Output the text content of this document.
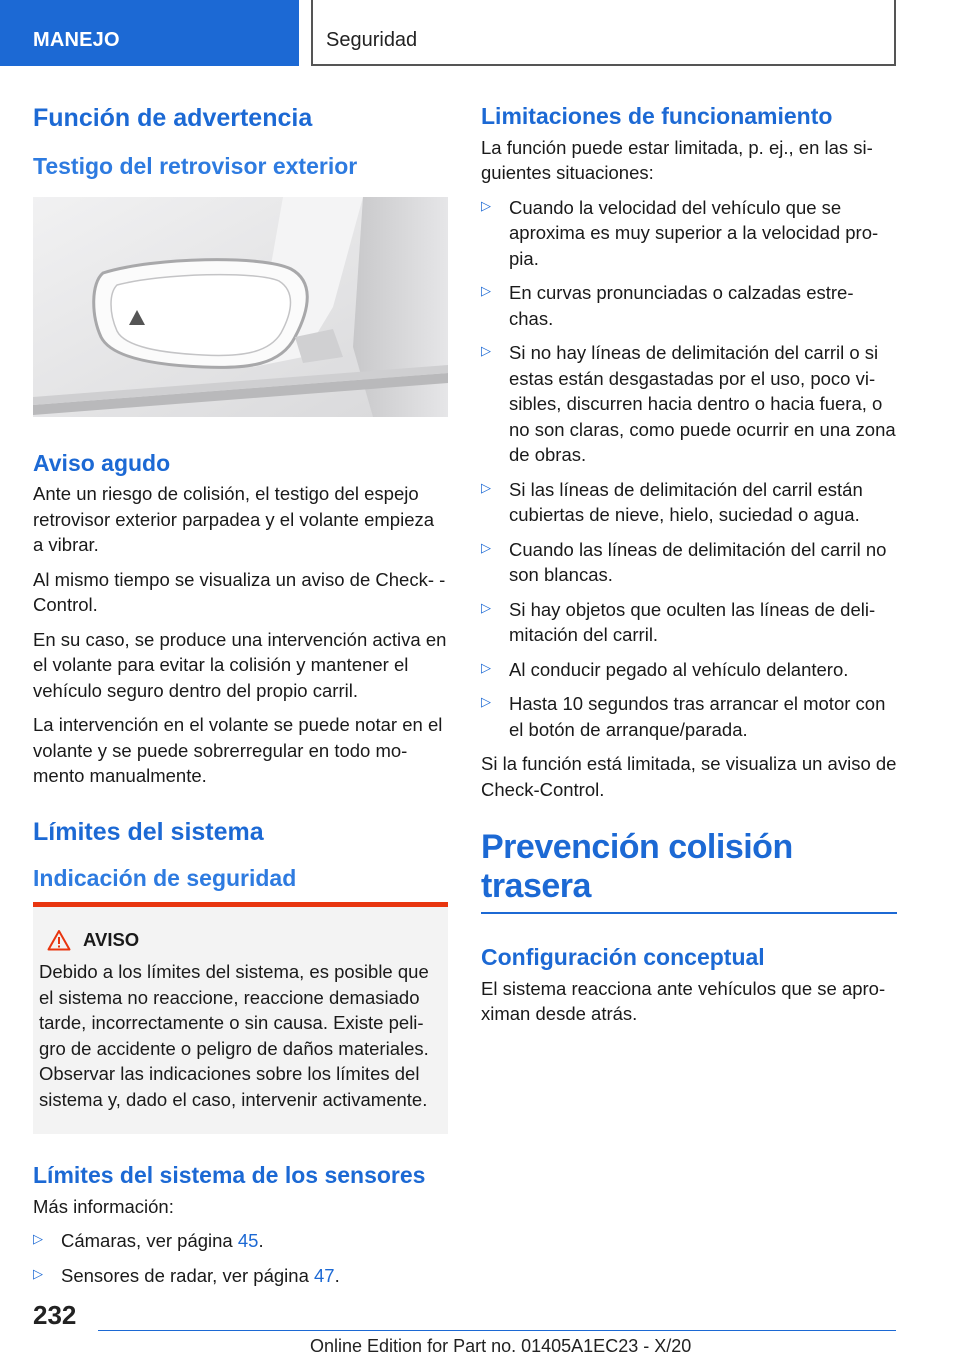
MANEJO	Seguridad
Función de advertencia
Testigo del retrovisor exterior
Aviso agudo

Ante un riesgo de colisión, el testigo del espejo retrovisor exterior parpadea y el volante empieza a vibrar.

Al mismo tiempo se visualiza un aviso de Check- -Control.

En su caso, se produce una intervención activa en el volante para evitar la colisión y mantener el vehículo seguro dentro del propio carril.

La intervención en el volante se puede notar en el volante y se puede sobrerregular en todo mo- mento manualmente.

Límites del sistema
Indicación de seguridad
AVISO

Debido a los límites del sistema, es posible que el sistema no reaccione, reaccione demasiado tarde, incorrectamente o sin causa. Existe peli- gro de accidente o peligro de daños materiales. Observar las indicaciones sobre los límites del sistema y, dado el caso, intervenir activamente.

Límites del sistema de los sensores

Más información:

▷ Cámaras, ver página 45.
▷ Sensores de radar, ver página 47.
Limitaciones de funcionamiento

La función puede estar limitada, p. ej., en las si- guientes situaciones:

▷ Cuando la velocidad del vehículo que se aproxima es muy superior a la velocidad pro- pia.
▷ En curvas pronunciadas o calzadas estre- chas.
▷ Si no hay líneas de delimitación del carril o si estas están desgastadas por el uso, poco vi- sibles, discurren hacia dentro o hacia fuera, o no son claras, como puede ocurrir en una zona de obras.
▷ Si las líneas de delimitación del carril están cubiertas de nieve, hielo, suciedad o agua.
▷ Cuando las líneas de delimitación del carril no son blancas.
▷ Si hay objetos que oculten las líneas de deli- mitación del carril.
▷ Al conducir pegado al vehículo delantero.
▷ Hasta 10 segundos tras arrancar el motor con el botón de arranque/parada.

Si la función está limitada, se visualiza un aviso de Check-Control.

Prevención colisión trasera
Configuración conceptual

El sistema reacciona ante vehículos que se apro- ximan desde atrás.

232
Online Edition for Part no. 01405A1EC23 - X/20
